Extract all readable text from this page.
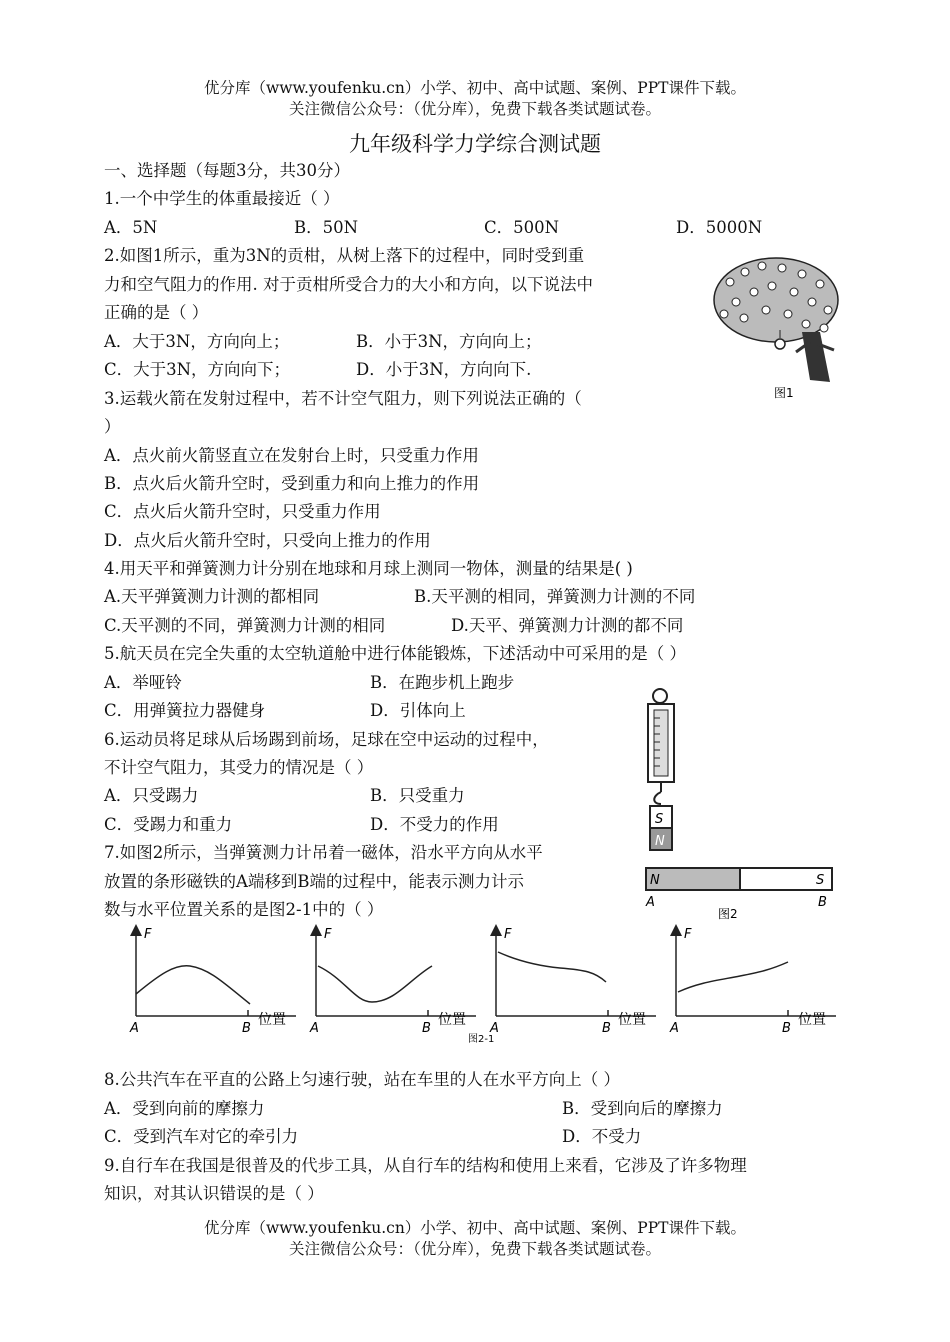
优分库（www.youfenku.cn）小学、初中、高中试题、案例、PPT课件下载。
关注微信公众号：（优分库），免费下载各类试题试卷。
九年级科学力学综合测试题
一、选择题（每题3分，共30分）
1.一个中学生的体重最接近（ ）
A．5N	B．50N	C．500N	D．5000N
2.如图1所示，重为3N的贡柑，从树上落下的过程中，同时受到重
力和空气阻力的作用. 对于贡柑所受合力的大小和方向，以下说法中
正确的是（ ）
A．大于3N，方向向上；	B．小于3N，方向向上；
C．大于3N，方向向下；	D．小于3N，方向向下.
图1
3.运载火箭在发射过程中，若不计空气阻力，则下列说法正确的（
）
A．点火前火箭竖直立在发射台上时，只受重力作用
B．点火后火箭升空时，受到重力和向上推力的作用
C．点火后火箭升空时，只受重力作用
D．点火后火箭升空时，只受向上推力的作用
4.用天平和弹簧测力计分别在地球和月球上测同一物体，测量的结果是( )
A.天平弹簧测力计测的都相同	B.天平测的相同，弹簧测力计测的不同
C.天平测的不同，弹簧测力计测的相同	D.天平、弹簧测力计测的都不同
5.航天员在完全失重的太空轨道舱中进行体能锻炼，下述活动中可采用的是（ ）
A．举哑铃	B．在跑步机上跑步
C．用弹簧拉力器健身	D．引体向上
6.运动员将足球从后场踢到前场，足球在空中运动的过程中，
不计空气阻力，其受力的情况是（ ）
A．只受踢力	B．只受重力
C．受踢力和重力	D．不受力的作用	S
N
N	S
A	B
图2
7.如图2所示，当弹簧测力计吊着一磁体，沿水平方向从水平
放置的条形磁铁的A端移到B端的过程中，能表示测力计示
数与水平位置关系的是图2-1中的（ ）
F
A	B
位置
F
A	B
位置
F
A	B
位置
F
A	B
位置
图2-1
8.公共汽车在平直的公路上匀速行驶，站在车里的人在水平方向上（ ）
A．受到向前的摩擦力	B．受到向后的摩擦力
C．受到汽车对它的牵引力	D．不受力
9.自行车在我国是很普及的代步工具，从自行车的结构和使用上来看，它涉及了许多物理
知识，对其认识错误的是（ ）
优分库（www.youfenku.cn）小学、初中、高中试题、案例、PPT课件下载。
关注微信公众号：（优分库），免费下载各类试题试卷。
